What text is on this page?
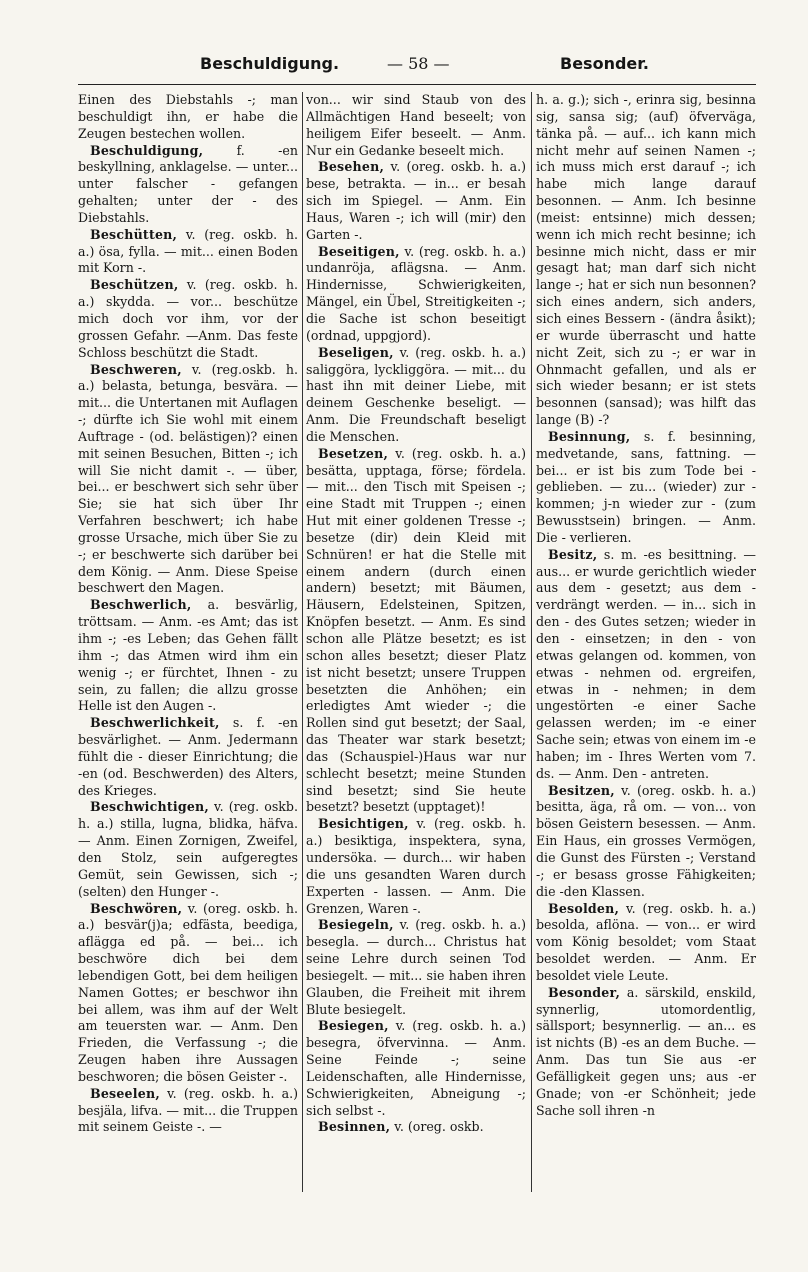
Beschuldigung.	— 58 —	Besonder.

Einen des Diebstahls -; man beschuldigt ihn, er habe die Zeugen bestechen wollen.

Beschuldigung, f. -en beskyllning, anklagelse. — unter... unter falscher - gefangen gehalten; unter der - des Diebstahls.

Beschütten, v. (reg. oskb. h. a.) ösa, fylla. — mit... einen Boden mit Korn -.

Beschützen, v. (reg. oskb. h. a.) skydda. — vor... beschütze mich doch vor ihm, vor der grossen Gefahr. —Anm. Das feste Schloss beschützt die Stadt.

Beschweren, v. (reg.oskb. h. a.) belasta, betunga, besvära. — mit... die Untertanen mit Auflagen -; dürfte ich Sie wohl mit einem Auftrage - (od. belästigen)? einen mit seinen Besuchen, Bitten -; ich will Sie nicht damit -. — über, bei... er beschwert sich sehr über Sie; sie hat sich über Ihr Verfahren beschwert; ich habe grosse Ursache, mich über Sie zu -; er beschwerte sich darüber bei dem König. — Anm. Diese Speise beschwert den Magen.

Beschwerlich, a. besvärlig, tröttsam. — Anm. -es Amt; das ist ihm -; -es Leben; das Gehen fällt ihm -; das Atmen wird ihm ein wenig -; er fürchtet, Ihnen - zu sein, zu fallen; die allzu grosse Helle ist den Augen -.

Beschwerlichkeit, s. f. -en besvärlighet. — Anm. Jedermann fühlt die - dieser Einrichtung; die -en (od. Beschwerden) des Alters, des Krieges.

Beschwichtigen, v. (reg. oskb. h. a.) stilla, lugna, blidka, häfva. — Anm. Einen Zornigen, Zweifel, den Stolz, sein aufgeregtes Gemüt, sein Gewissen, sich -; (selten) den Hunger -.

Beschwören, v. (oreg. oskb. h. a.) besvär(j)a; edfästa, beediga, afläggа ed på. — bei... ich beschwöre dich bei dem lebendigen Gott, bei dem heiligen Namen Gottes; er beschwor ihn bei allem, was ihm auf der Welt am teuersten war. — Anm. Den Frieden, die Verfassung -; die Zeugen haben ihre Aussagen beschworen; die bösen Geister -.

Beseelen, v. (reg. oskb. h. a.) besjäla, lifva. — mit... die Truppen mit seinem Geiste -. —

von... wir sind Staub von des Allmächtigen Hand beseelt; von heiligem Eifer beseelt. — Anm. Nur ein Gedanke beseelt mich.

Besehen, v. (oreg. oskb. h. a.) bese, betrakta. — in... er besah sich im Spiegel. — Anm. Ein Haus, Waren -; ich will (mir) den Garten -.

Beseitigen, v. (reg. oskb. h. a.) undanröja, aflägsna. — Anm. Hindernisse, Schwierigkeiten, Mängel, ein Übel, Streitigkeiten -; die Sache ist schon beseitigt (ordnad, uppgjord).

Beseligen, v. (reg. oskb. h. a.) saliggöra, lyckliggöra. — mit... du hast ihn mit deiner Liebe, mit deinem Geschenke beseligt. — Anm. Die Freundschaft beseligt die Menschen.

Besetzen, v. (reg. oskb. h. a.) besätta, upptaga, förse; fördela. — mit... den Tisch mit Speisen -; eine Stadt mit Truppen -; einen Hut mit einer goldenen Tresse -; besetze (dir) dein Kleid mit Schnüren! er hat die Stelle mit einem andern (durch einen andern) besetzt; mit Bäumen, Häusern, Edelsteinen, Spitzen, Knöpfen besetzt. — Anm. Es sind schon alle Plätze besetzt; es ist schon alles besetzt; dieser Platz ist nicht besetzt; unsere Truppen besetzten die Anhöhen; ein erledigtes Amt wieder -; die Rollen sind gut besetzt; der Saal, das Theater war stark besetzt; das (Schauspiel-)Haus war nur schlecht besetzt; meine Stunden sind besetzt; sind Sie heute besetzt? besetzt (upptaget)!

Besichtigen, v. (reg. oskb. h. a.) besiktiga, inspektera, syna, undersöka. — durch... wir haben die uns gesandten Waren durch Experten - lassen. — Anm. Die Grenzen, Waren -.

Besiegeln, v. (reg. oskb. h. a.) besegla. — durch... Christus hat seine Lehre durch seinen Tod besiegelt. — mit... sie haben ihren Glauben, die Freiheit mit ihrem Blute besiegelt.

Besiegen, v. (reg. oskb. h. a.) besegra, öfvervinna. — Anm. Seine Feinde -; seine Leidenschaften, alle Hindernisse, Schwierigkeiten, Abneigung -; sich selbst -.

Besinnen, v. (oreg. oskb.

h. a. g.); sich -, erinra sig, besinna sig, sansa sig; (auf) öfverväga, tänka på. — auf... ich kann mich nicht mehr auf seinen Namen -; ich muss mich erst darauf -; ich habe mich lange darauf besonnen. — Anm. Ich besinne (meist: entsinne) mich dessen; wenn ich mich recht besinne; ich besinne mich nicht, dass er mir gesagt hat; man darf sich nicht lange -; hat er sich nun besonnen? sich eines andern, sich anders, sich eines Bessern - (ändra åsikt); er wurde überrascht und hatte nicht Zeit, sich zu -; er war in Ohnmacht gefallen, und als er sich wieder besann; er ist stets besonnen (sansad); was hilft das lange (B) -?

Besinnung, s. f. besinning, medvetande, sans, fattning. — bei... er ist bis zum Tode bei - geblieben. — zu... (wieder) zur - kommen; j-n wieder zur - (zum Bewusstsein) bringen. — Anm. Die - verlieren.

Besitz, s. m. -es besittning. — aus... er wurde gerichtlich wieder aus dem - gesetzt; aus dem - verdrängt werden. — in... sich in den - des Gutes setzen; wieder in den - einsetzen; in den - von etwas gelangen od. kommen, von etwas - nehmen od. ergreifen, etwas in - nehmen; in dem ungestörten -e einer Sache gelassen werden; im -e einer Sache sein; etwas von einem im -e haben; im - Ihres Werten vom 7. ds. — Anm. Den - antreten.

Besitzen, v. (oreg. oskb. h. a.) besitta, äga, rå om. — von... von bösen Geistern besessen. — Anm. Ein Haus, ein grosses Vermögen, die Gunst des Fürsten -; Verstand -; er besass grosse Fähigkeiten; die -den Klassen.

Besolden, v. (reg. oskb. h. a.) besolda, aflöna. — von... er wird vom König besoldet; vom Staat besoldet werden. — Anm. Er besoldet viele Leute.

Besonder, a. särskild, enskild, synnerlig, utomordentlig, sällsport; besynnerlig. — an... es ist nichts (B) -es an dem Buche. — Anm. Das tun Sie aus -er Gefälligkeit gegen uns; aus -er Gnade; von -er Schönheit; jede Sache soll ihren -n
